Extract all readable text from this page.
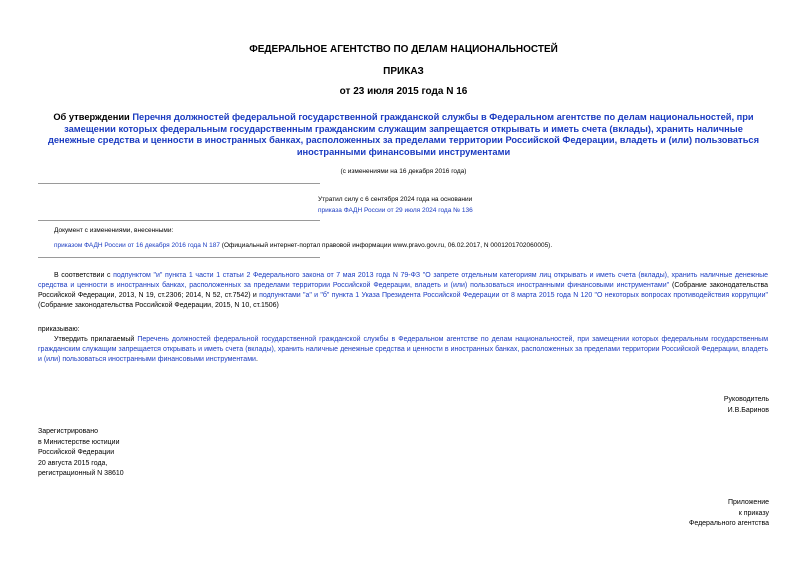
ФЕДЕРАЛЬНОЕ АГЕНТСТВО ПО ДЕЛАМ НАЦИОНАЛЬНОСТЕЙ
ПРИКАЗ
от 23 июля 2015 года N 16
Об утверждении Перечня должностей федеральной государственной гражданской службы в Федеральном агентстве по делам национальностей, при замещении которых федеральным государственным гражданским служащим запрещается открывать и иметь счета (вклады), хранить наличные денежные средства и ценности в иностранных банках, расположенных за пределами территории Российской Федерации, владеть и (или) пользоваться иностранными финансовыми инструментами
(с изменениями на 16 декабря 2016 года)
Утратил силу с 6 сентября 2024 года на основании
приказа ФАДН России от 29 июля 2024 года № 136
Документ с изменениями, внесенными:
приказом ФАДН России от 16 декабря 2016 года N 187 (Официальный интернет-портал правовой информации www.pravo.gov.ru, 06.02.2017, N 0001201702060005).
В соответствии с подпунктом "и" пункта 1 части 1 статьи 2 Федерального закона от 7 мая 2013 года N 79-ФЗ "О запрете отдельным категориям лиц открывать и иметь счета (вклады), хранить наличные денежные средства и ценности в иностранных банках, расположенных за пределами территории Российской Федерации, владеть и (или) пользоваться иностранными финансовыми инструментами" (Собрание законодательства Российской Федерации, 2013, N 19, ст.2306; 2014, N 52, ст.7542) и подпунктами "а" и "б" пункта 1 Указа Президента Российской Федерации от 8 марта 2015 года N 120 "О некоторых вопросах противодействия коррупции" (Собрание законодательства Российской Федерации, 2015, N 10, ст.1506)
приказываю:
Утвердить прилагаемый Перечень должностей федеральной государственной гражданской службы в Федеральном агентстве по делам национальностей, при замещении которых федеральным государственным гражданским служащим запрещается открывать и иметь счета (вклады), хранить наличные денежные средства и ценности в иностранных банках, расположенных за пределами территории Российской Федерации, владеть и (или) пользоваться иностранными финансовыми инструментами.
Руководитель
И.В.Баринов
Зарегистрировано
в Министерстве юстиции
Российской Федерации
20 августа 2015 года,
регистрационный N 38610
Приложение
к приказу
Федерального агентства
